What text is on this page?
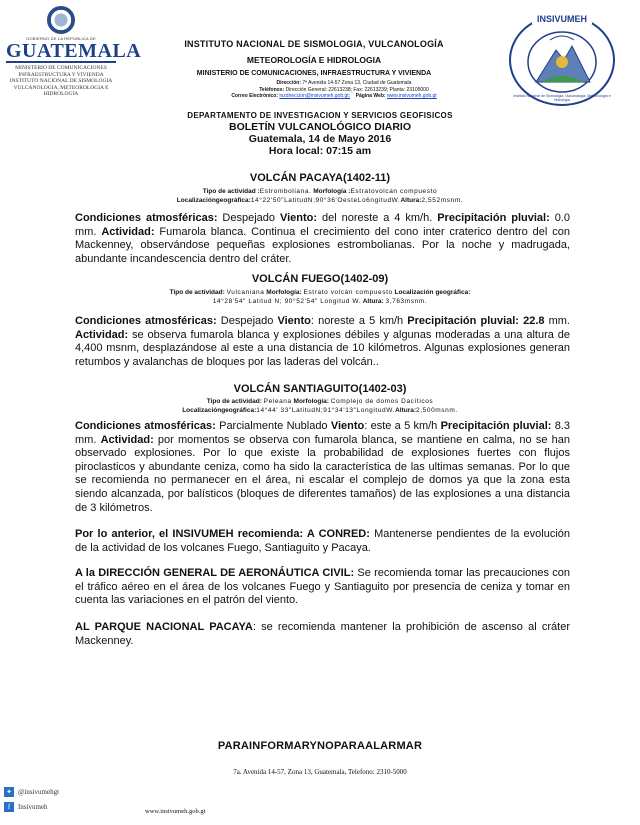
GOBIERNO DE LA REPÚBLICA DE
GUATEMALA
MINISTERIO DE COMUNICACIONES
INFRAESTRUCTURA Y VIVIENDA
INSTITUTO NACIONAL DE SISMOLOGIA
VULCANOLOGIA, METEOROLOGIA E
HIDROLOGIA
INSTITUTO NACIONAL DE SISMOLOGIA, VULCANOLOGÍA
METEOROLOGÍA E HIDROLOGIA
MINISTERIO DE COMUNICACIONES, INFRAESTRUCTURA Y VIVIENDA
Dirección: 7ª Avenida 14-57 Zona 13, Ciudad de Guatemala
Teléfonos: Dirección General: 22613238; Fax: 22613239; Planta: 23105000
Correo Electrónico: inzdireccion@insivumeh.gob.gt; Página Web: www.insivumeh.gob.gt
INSIVUMEH
Instituto Nacional de Sismología, Vulcanología, Meteorología e Hidrología
DEPARTAMENTO DE INVESTIGACION Y SERVICIOS GEOFISICOS
BOLETÍN VULCANOLÓGICO DIARIO
Guatemala, 14 de Mayo 2016
Hora local: 07:15 am
VOLCÁN PACAYA(1402-11)
Tipo de actividad :Estromboliana. Morfología :Estratovolcan compuesto
Localizacióngeográfica:14°22'50"LatitudN;90°36'OesteLo6ngitudW.Altura:2,552msnm.
Condiciones atmosféricas: Despejado Viento: del noreste a 4 km/h. Precipitación pluvial: 0.0 mm. Actividad: Fumarola blanca. Continua el crecimiento del cono inter craterico dentro del con Mackenney, observándose pequeñas explosiones estrombolianas. Por la noche y madrugada, abundante incandescencia dentro del cráter.
VOLCÁN FUEGO(1402-09)
Tipo de actividad: Vulcaniana Morfología: Estrato volcán compuesto Localización geográfica:
14°28'54" Latitud N; 90°52'54" Longitud W. Altura: 3,763msnm.
Condiciones atmosféricas: Despejado Viento: noreste a 5 km/h Precipitación pluvial: 22.8 mm. Actividad: se observa fumarola blanca y explosiones débiles y algunas moderadas a una altura de 4,400 msnm, desplazándose al este a una distancia de 10 kilómetros. Algunas explosiones generan retumbos y avalanchas de bloques por las laderas del volcán..
VOLCÁN SANTIAGUITO(1402-03)
Tipo de actividad: Peleana Morfología: Complejo de domos Dacíticos
Localizacióngeográfica:14°44' 33"LatitudN;91°34'13"LongitudW.Altura:2,500msnm.
Condiciones atmosféricas: Parcialmente Nublado Viento: este a 5 km/h Precipitación pluvial: 8.3 mm. Actividad: por momentos se observa con fumarola blanca, se mantiene en calma, no se han observado explosiones. Por lo que existe la probabilidad de explosiones fuertes con flujos piroclasticos y abundante ceniza, como ha sido la característica de las ultimas semanas. Por lo que se recomienda no permanecer en el área, ni escalar el complejo de domos ya que la zona esta siendo alcanzada, por balísticos (bloques de diferentes tamaños) de las explosiones a una distancia de 3 kilómetros.
Por lo anterior, el INSIVUMEH recomienda: A CONRED: Mantenerse pendientes de la evolución de la actividad de los volcanes Fuego, Santiaguito y Pacaya.
A la DIRECCIÓN GENERAL DE AERONÁUTICA CIVIL: Se recomienda tomar las precauciones con el tráfico aéreo en el área de los volcanes Fuego y Santiaguito por presencia de ceniza y tomar en cuenta las variaciones en el patrón del viento.
AL PARQUE NACIONAL PACAYA: se recomienda mantener la prohibición de ascenso al cráter Mackenney.
PARAINFORMARYNOPARAALARMAR
7a. Avenida 14-57, Zona 13, Guatemala, Telefono: 2310-5000
✦ @insivumehgt
f	Insivumeh
www.insivumeh.gob.gt
